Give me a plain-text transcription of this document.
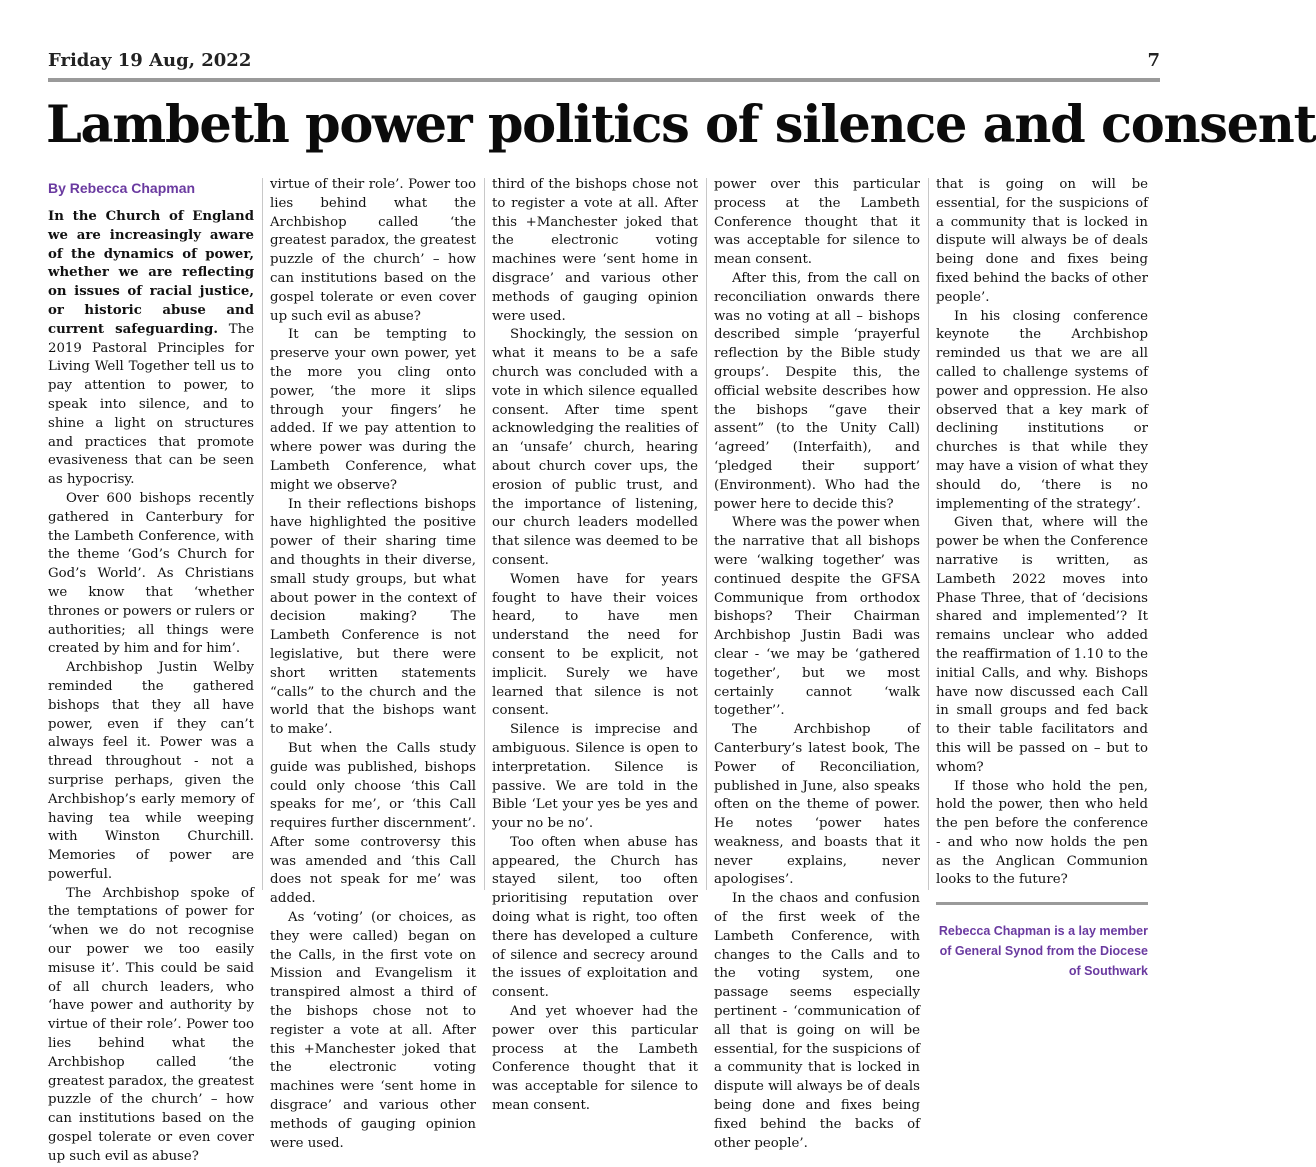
Friday 19 Aug, 2022	7
Lambeth power politics of silence and consent
By Rebecca Chapman

In the Church of England we are increasingly aware of the dynamics of power, whether we are reflecting on issues of racial justice, or historic abuse and current safeguarding. The 2019 Pastoral Principles for Living Well Together tell us to pay attention to power, to speak into silence, and to shine a light on structures and practices that promote evasiveness that can be seen as hypocrisy.

Over 600 bishops recently gathered in Canterbury for the Lambeth Conference, with the theme ‘God’s Church for God’s World’. As Christians we know that ‘whether thrones or powers or rulers or authorities; all things were created by him and for him’.

Archbishop Justin Welby reminded the gathered bishops that they all have power, even if they can’t always feel it. Power was a thread throughout - not a surprise perhaps, given the Archbishop’s early memory of having tea while weeping with Winston Churchill. Memories of power are powerful.

The Archbishop spoke of the temptations of power for ‘when we do not recognise our power we too easily misuse it’. This could be said of all church leaders, who ‘have power and authority by virtue of their role’. Power too lies behind what the Archbishop called ‘the greatest paradox, the greatest puzzle of the church’ – how can institutions based on the gospel tolerate or even cover up such evil as abuse?

virtue of their role’. Power too lies behind what the Archbishop called ‘the greatest paradox, the greatest puzzle of the church’ – how can institutions based on the gospel tolerate or even cover up such evil as abuse?

It can be tempting to preserve your own power, yet the more you cling onto power, ‘the more it slips through your fingers’ he added. If we pay attention to where power was during the Lambeth Conference, what might we observe?

In their reflections bishops have highlighted the positive power of their sharing time and thoughts in their diverse, small study groups, but what about power in the context of decision making? The Lambeth Conference is not legislative, but there were short written statements “calls” to the church and the world that the bishops want to make’.

But when the Calls study guide was published, bishops could only choose ‘this Call speaks for me’, or ‘this Call requires further discernment’. After some controversy this was amended and ‘this Call does not speak for me’ was added.

As ‘voting’ (or choices, as they were called) began on the Calls, in the first vote on Mission and Evangelism it transpired almost a third of the bishops chose not to register a vote at all. After this +Manchester joked that the electronic voting machines were ‘sent home in disgrace’ and various other methods of gauging opinion were used.

third of the bishops chose not to register a vote at all. After this +Manchester joked that the electronic voting machines were ‘sent home in disgrace’ and various other methods of gauging opinion were used.

Shockingly, the session on what it means to be a safe church was concluded with a vote in which silence equalled consent. After time spent acknowledging the realities of an ‘unsafe’ church, hearing about church cover ups, the erosion of public trust, and the importance of listening, our church leaders modelled that silence was deemed to be consent.

Women have for years fought to have their voices heard, to have men understand the need for consent to be explicit, not implicit. Surely we have learned that silence is not consent.

Silence is imprecise and ambiguous. Silence is open to interpretation. Silence is passive. We are told in the Bible ‘Let your yes be yes and your no be no’.

Too often when abuse has appeared, the Church has stayed silent, too often prioritising reputation over doing what is right, too often there has developed a culture of silence and secrecy around the issues of exploitation and consent.

And yet whoever had the power over this particular process at the Lambeth Conference thought that it was acceptable for silence to mean consent.

power over this particular process at the Lambeth Conference thought that it was acceptable for silence to mean consent.

After this, from the call on reconciliation onwards there was no voting at all – bishops described simple ‘prayerful reflection by the Bible study groups’. Despite this, the official website describes how the bishops “gave their assent” (to the Unity Call) ‘agreed’ (Interfaith), and ‘pledged their support’ (Environment). Who had the power here to decide this?

Where was the power when the narrative that all bishops were ‘walking together’ was continued despite the GFSA Communique from orthodox bishops? Their Chairman Archbishop Justin Badi was clear - ‘we may be ‘gathered together’, but we most certainly cannot ‘walk together’’.

The Archbishop of Canterbury’s latest book, The Power of Reconciliation, published in June, also speaks often on the theme of power. He notes ‘power hates weakness, and boasts that it never explains, never apologises’.

In the chaos and confusion of the first week of the Lambeth Conference, with changes to the Calls and to the voting system, one passage seems especially pertinent - ‘communication of all that is going on will be essential, for the suspicions of a community that is locked in dispute will always be of deals being done and fixes being fixed behind the backs of other people’.

that is going on will be essential, for the suspicions of a community that is locked in dispute will always be of deals being done and fixes being fixed behind the backs of other people’.

In his closing conference keynote the Archbishop reminded us that we are all called to challenge systems of power and oppression. He also observed that a key mark of declining institutions or churches is that while they may have a vision of what they should do, ‘there is no implementing of the strategy’.

Given that, where will the power be when the Conference narrative is written, as Lambeth 2022 moves into Phase Three, that of ‘decisions shared and implemented’? It remains unclear who added the reaffirmation of 1.10 to the initial Calls, and why. Bishops have now discussed each Call in small groups and fed back to their table facilitators and this will be passed on – but to whom?

If those who hold the pen, hold the power, then who held the pen before the conference - and who now holds the pen as the Anglican Communion looks to the future?

Rebecca Chapman is a lay member of General Synod from the Diocese of Southwark
